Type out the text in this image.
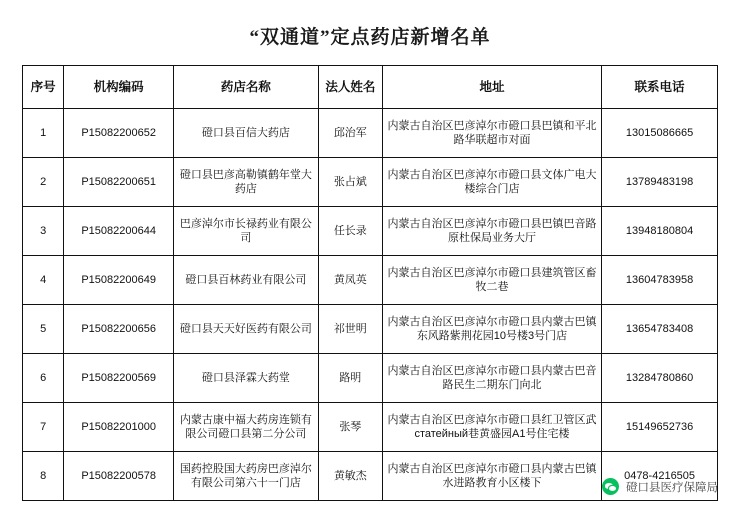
“双通道”定点药店新增名单
序号	机构编码	药店名称	法人姓名	地址	联系电话
1	P15082200652	磴口县百信大药店	邱治军	内蒙古自治区巴彦淖尔市磴口县巴镇和平北路华联超市对面	13015086665
2	P15082200651	磴口县巴彦高勒镇鹤年堂大药店	张占斌	内蒙古自治区巴彦淖尔市磴口县文体广电大楼综合门店	13789483198
3	P15082200644	巴彦淖尔市长禄药业有限公司	任长录	内蒙古自治区巴彦淖尔市磴口县巴镇巴音路原杜保局业务大厅	13948180804
4	P15082200649	磴口县百林药业有限公司	黄凤英	内蒙古自治区巴彦淖尔市磴口县建筑管区畜牧二巷	13604783958
5	P15082200656	磴口县天天好医药有限公司	祁世明	内蒙古自治区巴彦淖尔市磴口县内蒙古巴镇东风路紫荆花园10号楼3号门店	13654783408
6	P15082200569	磴口县泽霖大药堂	路明	内蒙古自治区巴彦淖尔市磴口县内蒙古巴音路民生二期东门向北	13284780860
7	P15082201000	内蒙古康中福大药房连锁有限公司磴口县第二分公司	张琴	内蒙古自治区巴彦淖尔市磴口县红卫管区武статейный巷黄盛园A1号住宅楼	15149652736
8	P15082200578	国药控股国大药房巴彦淖尔有限公司第六十一门店	黄敏杰	内蒙古自治区巴彦淖尔市磴口县内蒙古巴镇水进路教育小区楼下	0478-4216505
磴口县医疗保障局
